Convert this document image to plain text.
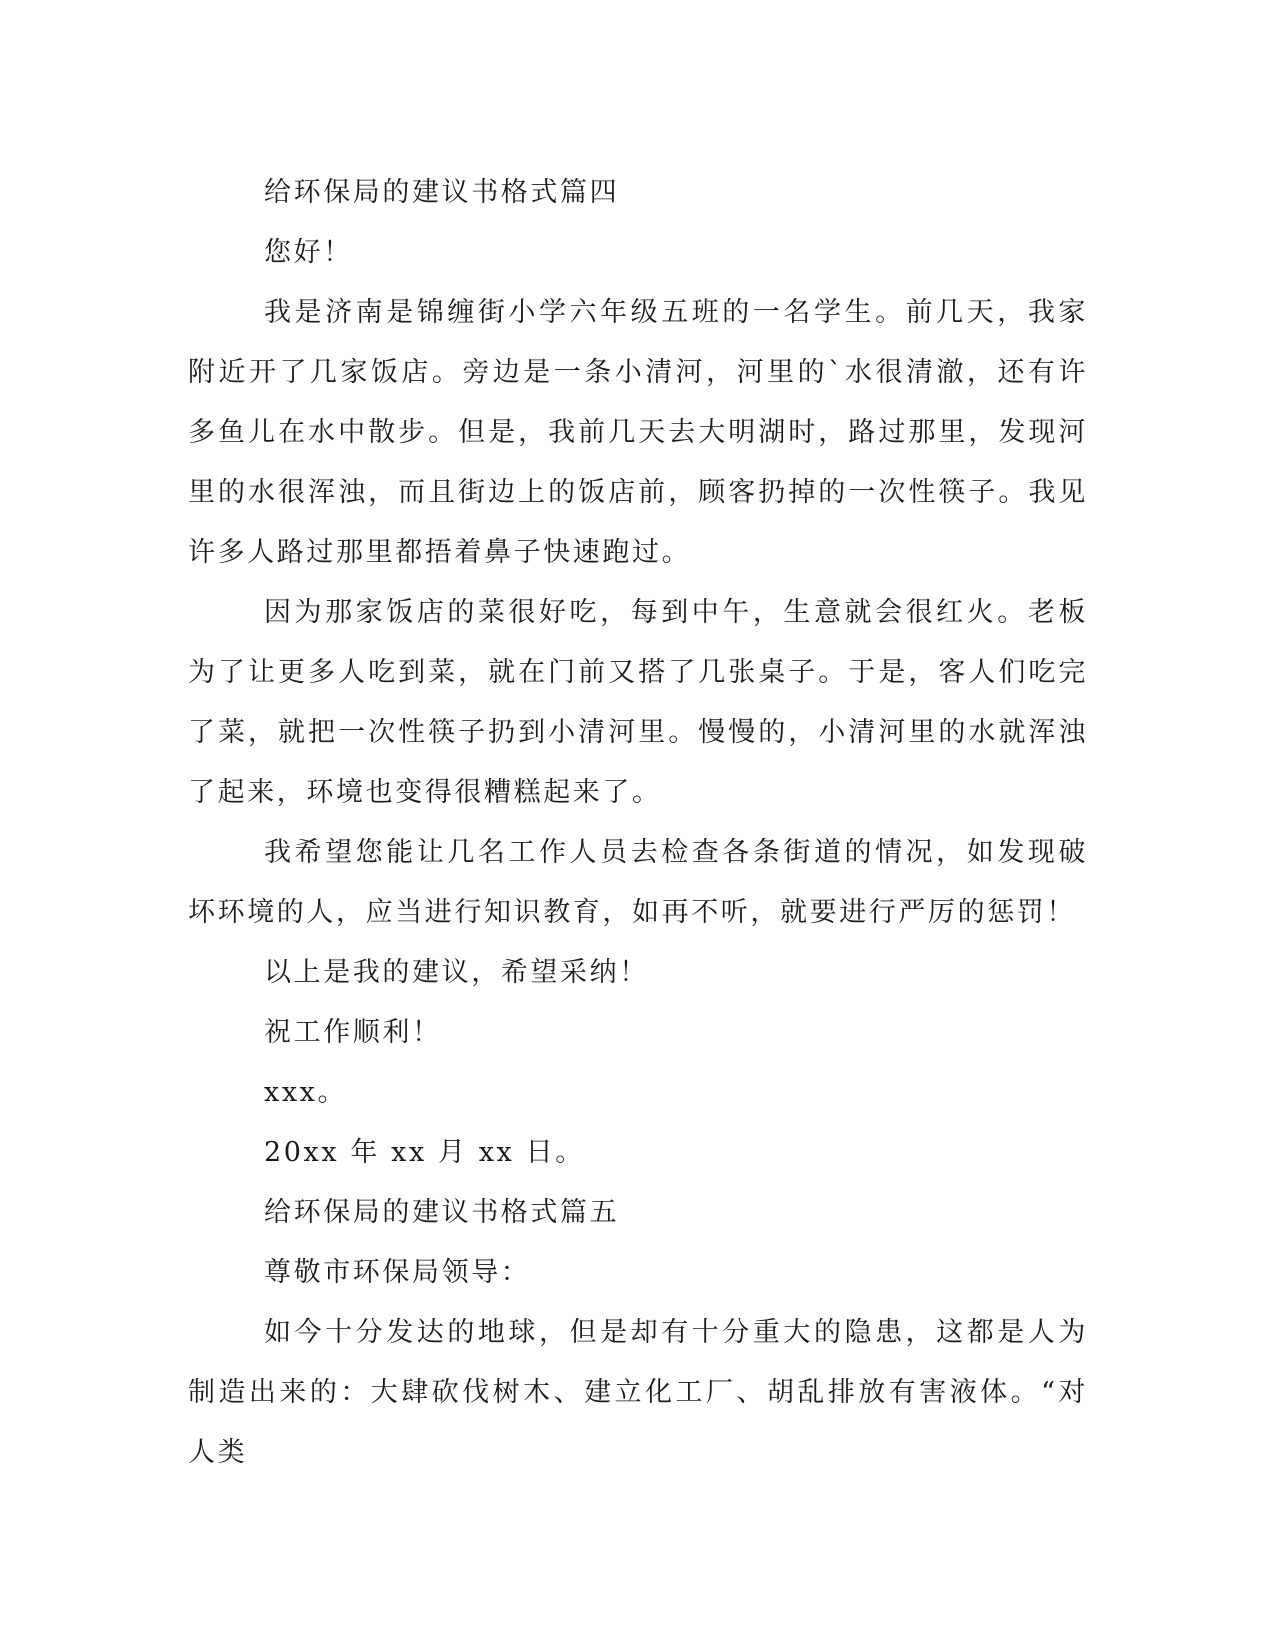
给环保局的建议书格式篇四

您好！

我是济南是锦缠街小学六年级五班的一名学生。前几天，我家附近开了几家饭店。旁边是一条小清河，河里的`水很清澈，还有许多鱼儿在水中散步。但是，我前几天去大明湖时，路过那里，发现河里的水很浑浊，而且街边上的饭店前，顾客扔掉的一次性筷子。我见许多人路过那里都捂着鼻子快速跑过。

因为那家饭店的菜很好吃，每到中午，生意就会很红火。老板为了让更多人吃到菜，就在门前又搭了几张桌子。于是，客人们吃完了菜，就把一次性筷子扔到小清河里。慢慢的，小清河里的水就浑浊了起来，环境也变得很糟糕起来了。

我希望您能让几名工作人员去检查各条街道的情况，如发现破坏环境的人，应当进行知识教育，如再不听，就要进行严厉的惩罚！

以上是我的建议，希望采纳！

祝工作顺利！

xxx。

20xx 年 xx 月 xx 日。

给环保局的建议书格式篇五

尊敬市环保局领导：

如今十分发达的地球，但是却有十分重大的隐患，这都是人为制造出来的：大肆砍伐树木、建立化工厂、胡乱排放有害液体。“对人类
